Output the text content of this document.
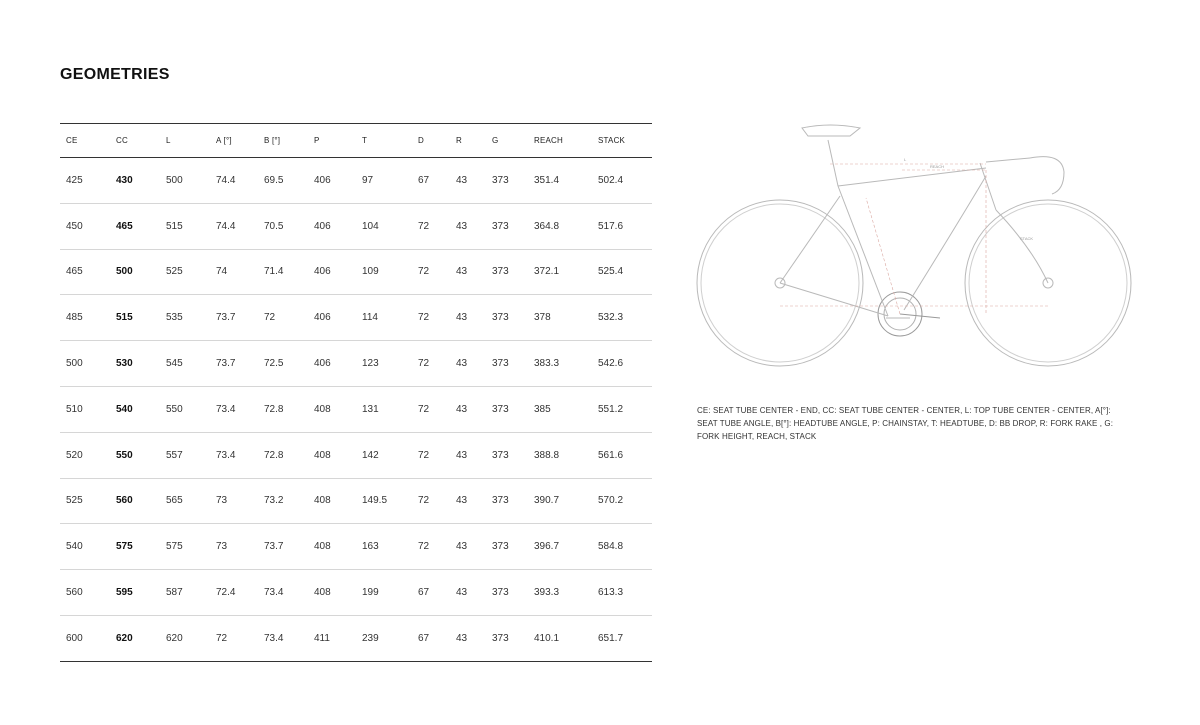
GEOMETRIES
CE	CC	L	A [°]	B [°]	P	T	D	R	G	REACH	STACK
425	430	500	74.4	69.5	406	97	67	43	373	351.4	502.4
450	465	515	74.4	70.5	406	104	72	43	373	364.8	517.6
465	500	525	74	71.4	406	109	72	43	373	372.1	525.4
485	515	535	73.7	72	406	114	72	43	373	378	532.3
500	530	545	73.7	72.5	406	123	72	43	373	383.3	542.6
510	540	550	73.4	72.8	408	131	72	43	373	385	551.2
520	550	557	73.4	72.8	408	142	72	43	373	388.8	561.6
525	560	565	73	73.2	408	149.5	72	43	373	390.7	570.2
540	575	575	73	73.7	408	163	72	43	373	396.7	584.8
560	595	587	72.4	73.4	408	199	67	43	373	393.3	613.3
600	620	620	72	73.4	411	239	67	43	373	410.1	651.7
L
REACH
STACK

CE: SEAT TUBE CENTER - END, CC: SEAT TUBE CENTER - CENTER, L: TOP TUBE CENTER - CENTER, A[°]: SEAT TUBE ANGLE, B[°]: HEADTUBE ANGLE, P: CHAINSTAY, T: HEADTUBE, D: BB DROP, R: FORK RAKE , G: FORK HEIGHT, REACH, STACK
